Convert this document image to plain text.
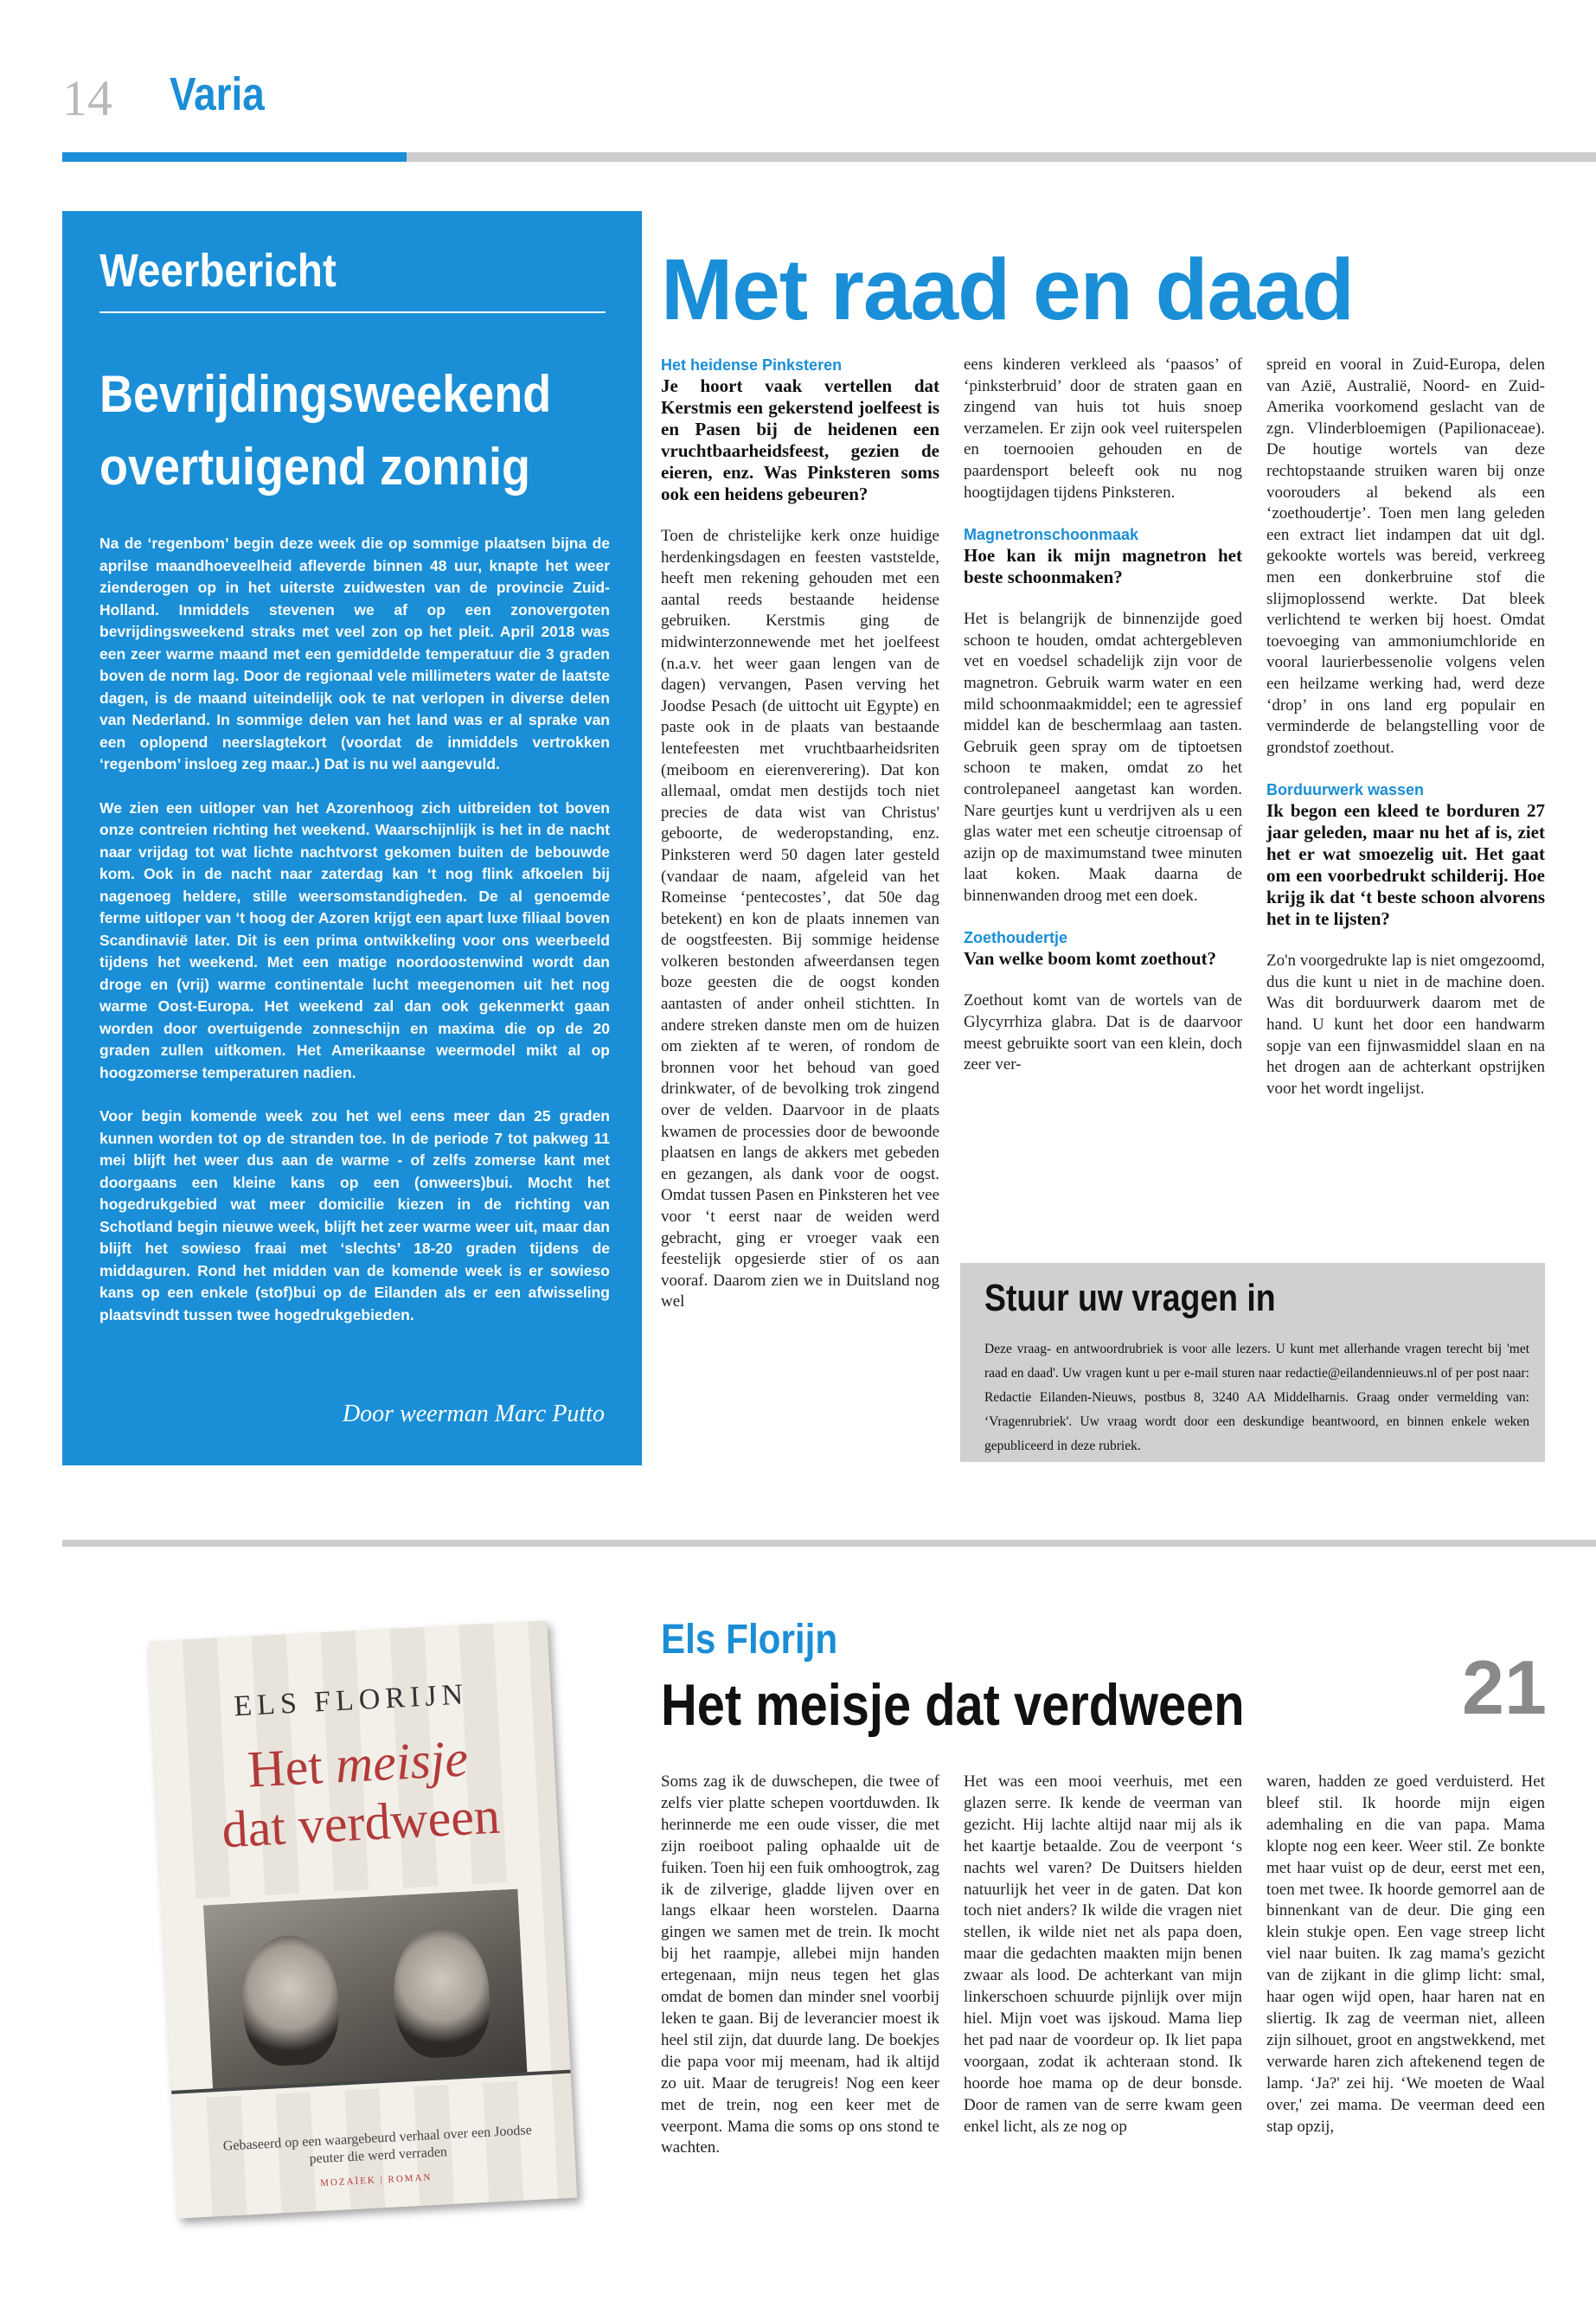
14 Varia
Weerbericht
Bevrijdingsweekend overtuigend zonnig

Na de ‘regenbom’ begin deze week die op sommige plaatsen bijna de aprilse maandhoeveelheid afleverde binnen 48 uur, knapte het weer zienderogen op in het uiterste zuidwesten van de provincie Zuid-Holland. Inmiddels stevenen we af op een zonovergoten bevrijdingsweekend straks met veel zon op het pleit. April 2018 was een zeer warme maand met een gemiddelde temperatuur die 3 graden boven de norm lag. Door de regionaal vele millimeters water de laatste dagen, is de maand uiteindelijk ook te nat verlopen in diverse delen van Nederland. In sommige delen van het land was er al sprake van een oplopend neerslagtekort (voordat de inmiddels vertrokken ‘regenbom’ insloeg zeg maar..) Dat is nu wel aangevuld.

We zien een uitloper van het Azorenhoog zich uitbreiden tot boven onze contreien richting het weekend. Waarschijnlijk is het in de nacht naar vrijdag tot wat lichte nachtvorst gekomen buiten de bebouwde kom. Ook in de nacht naar zaterdag kan ‘t nog flink afkoelen bij nagenoeg heldere, stille weersomstandigheden. De al genoemde ferme uitloper van ‘t hoog der Azoren krijgt een apart luxe filiaal boven Scandinavië later. Dit is een prima ontwikkeling voor ons weerbeeld tijdens het weekend. Met een matige noordoostenwind wordt dan droge en (vrij) warme continentale lucht meegenomen uit het nog warme Oost-Europa. Het weekend zal dan ook gekenmerkt gaan worden door overtuigende zonneschijn en maxima die op de 20 graden zullen uitkomen. Het Amerikaanse weermodel mikt al op hoogzomerse temperaturen nadien.

Voor begin komende week zou het wel eens meer dan 25 graden kunnen worden tot op de stranden toe. In de periode 7 tot pakweg 11 mei blijft het weer dus aan de warme - of zelfs zomerse kant met doorgaans een kleine kans op een (onweers)bui. Mocht het hogedrukgebied wat meer domicilie kiezen in de richting van Schotland begin nieuwe week, blijft het zeer warme weer uit, maar dan blijft het sowieso fraai met ‘slechts’ 18-20 graden tijdens de middaguren. Rond het midden van de komende week is er sowieso kans op een enkele (stof)bui op de Eilanden als er een afwisseling plaatsvindt tussen twee hogedrukgebieden.

Door weerman Marc Putto
Met raad en daad
Het heidense Pinksteren
Je hoort vaak vertellen dat Kerstmis een gekerstend joelfeest is en Pasen bij de heidenen een vruchtbaarheidsfeest, gezien de eieren, enz. Was Pinksteren soms ook een heidens gebeuren?

Toen de christelijke kerk onze huidige herdenkingsdagen en feesten vaststelde, heeft men rekening gehouden met een aantal reeds bestaande heidense gebruiken. Kerstmis ging de midwinterzonnewende met het joelfeest (n.a.v. het weer gaan lengen van de dagen) vervangen, Pasen verving het Joodse Pesach (de uittocht uit Egypte) en paste ook in de plaats van bestaande lentefeesten met vruchtbaarheidsriten (meiboom en eierenverering). Dat kon allemaal, omdat men destijds toch niet precies de data wist van Christus' geboorte, de wederopstanding, enz. Pinksteren werd 50 dagen later gesteld (vandaar de naam, afgeleid van het Romeinse ‘pentecostes’, dat 50e dag betekent) en kon de plaats innemen van de oogstfeesten. Bij sommige heidense volkeren bestonden afweerdansen tegen boze geesten die de oogst konden aantasten of ander onheil stichtten. In andere streken danste men om de huizen om ziekten af te weren, of rondom de bronnen voor het behoud van goed drinkwater, of de bevolking trok zingend over de velden. Daarvoor in de plaats kwamen de processies door de bewoonde plaatsen en langs de akkers met gebeden en gezangen, als dank voor de oogst. Omdat tussen Pasen en Pinksteren het vee voor ‘t eerst naar de weiden werd gebracht, ging er vroeger vaak een feestelijk opgesierde stier of os aan vooraf. Daarom zien we in Duitsland nog wel

eens kinderen verkleed als ‘paasos’ of ‘pinksterbruid’ door de straten gaan en zingend van huis tot huis snoep verzamelen. Er zijn ook veel ruiterspelen en toernooien gehouden en de paardensport beleeft ook nu nog hoogtijdagen tijdens Pinksteren.

Magnetronschoonmaak
Hoe kan ik mijn magnetron het beste schoonmaken?

Het is belangrijk de binnenzijde goed schoon te houden, omdat achtergebleven vet en voedsel schadelijk zijn voor de magnetron. Gebruik warm water en een mild schoonmaakmiddel; een te agressief middel kan de beschermlaag aan tasten. Gebruik geen spray om de tiptoetsen schoon te maken, omdat zo het controlepaneel aangetast kan worden. Nare geurtjes kunt u verdrijven als u een glas water met een scheutje citroensap of azijn op de maximumstand twee minuten laat koken. Maak daarna de binnenwanden droog met een doek.

Zoethoudertje
Van welke boom komt zoethout?

Zoethout komt van de wortels van de Glycyrrhiza glabra. Dat is de daarvoor meest gebruikte soort van een klein, doch zeer ver-

spreid en vooral in Zuid-Europa, delen van Azië, Australië, Noord- en Zuid-Amerika voorkomend geslacht van de zgn. Vlinderbloemigen (Papilionaceae). De houtige wortels van deze rechtopstaande struiken waren bij onze voorouders al bekend als een ‘zoethoudertje’. Toen men lang geleden een extract liet indampen dat uit dgl. gekookte wortels was bereid, verkreeg men een donkerbruine stof die slijmoplossend werkte. Dat bleek verlichtend te werken bij hoest. Omdat toevoeging van ammoniumchloride en vooral laurierbessenolie volgens velen een heilzame werking had, werd deze ‘drop’ in ons land erg populair en verminderde de belangstelling voor de grondstof zoethout.

Borduurwerk wassen
Ik begon een kleed te borduren 27 jaar geleden, maar nu het af is, ziet het er wat smoezelig uit. Het gaat om een voorbedrukt schilderij. Hoe krijg ik dat ‘t beste schoon alvorens het in te lijsten?

Zo'n voorgedrukte lap is niet omgezoomd, dus die kunt u niet in de machine doen. Was dit borduurwerk daarom met de hand. U kunt het door een handwarm sopje van een fijnwasmiddel slaan en na het drogen aan de achterkant opstrijken voor het wordt ingelijst.

Stuur uw vragen in
Deze vraag- en antwoordrubriek is voor alle lezers. U kunt met allerhande vragen terecht bij 'met raad en daad'. Uw vragen kunt u per e-mail sturen naar redactie@eilandennieuws.nl of per post naar: Redactie Eilanden-Nieuws, postbus 8, 3240 AA Middelharnis. Graag onder vermelding van: ‘Vragenrubriek'. Uw vraag wordt door een deskundige beantwoord, en binnen enkele weken gepubliceerd in deze rubriek.
ELS FLORIJN
Het meisje
dat verdween
Gebaseerd op een waargebeurd verhaal over een Joodse peuter die werd verraden
MOZAÏEK | ROMAN
Els Florijn
Het meisje dat verdween	21
Soms zag ik de duwschepen, die twee of zelfs vier platte schepen voortduwden. Ik herinnerde me een oude visser, die met zijn roeiboot paling ophaalde uit de fuiken. Toen hij een fuik omhoogtrok, zag ik de zilverige, gladde lijven over en langs elkaar heen worstelen. Daarna gingen we samen met de trein. Ik mocht bij het raampje, allebei mijn handen ertegenaan, mijn neus tegen het glas omdat de bomen dan minder snel voorbij leken te gaan. Bij de leverancier moest ik heel stil zijn, dat duurde lang. De boekjes die papa voor mij meenam, had ik altijd zo uit. Maar de terugreis! Nog een keer met de trein, nog een keer met de veerpont. Mama die soms op ons stond te wachten.
Het was een mooi veerhuis, met een glazen serre. Ik kende de veerman van gezicht. Hij lachte altijd naar mij als ik het kaartje betaalde. Zou de veerpont ‘s nachts wel varen? De Duitsers hielden natuurlijk het veer in de gaten. Dat kon toch niet anders? Ik wilde die vragen niet stellen, ik wilde niet net als papa doen, maar die gedachten maakten mijn benen zwaar als lood. De achterkant van mijn linkerschoen schuurde pijnlijk over mijn hiel. Mijn voet was ijskoud. Mama liep het pad naar de voordeur op. Ik liet papa voorgaan, zodat ik achteraan stond. Ik hoorde hoe mama op de deur bonsde. Door de ramen van de serre kwam geen enkel licht, als ze nog op
waren, hadden ze goed verduisterd. Het bleef stil. Ik hoorde mijn eigen ademhaling en die van papa. Mama klopte nog een keer. Weer stil. Ze bonkte met haar vuist op de deur, eerst met een, toen met twee. Ik hoorde gemorrel aan de binnenkant van de deur. Die ging een klein stukje open. Een vage streep licht viel naar buiten. Ik zag mama's gezicht van de zijkant in die glimp licht: smal, haar ogen wijd open, haar haren nat en sliertig. Ik zag de veerman niet, alleen zijn silhouet, groot en angstwekkend, met verwarde haren zich aftekenend tegen de lamp. ‘Ja?' zei hij. ‘We moeten de Waal over,' zei mama. De veerman deed een stap opzij,
